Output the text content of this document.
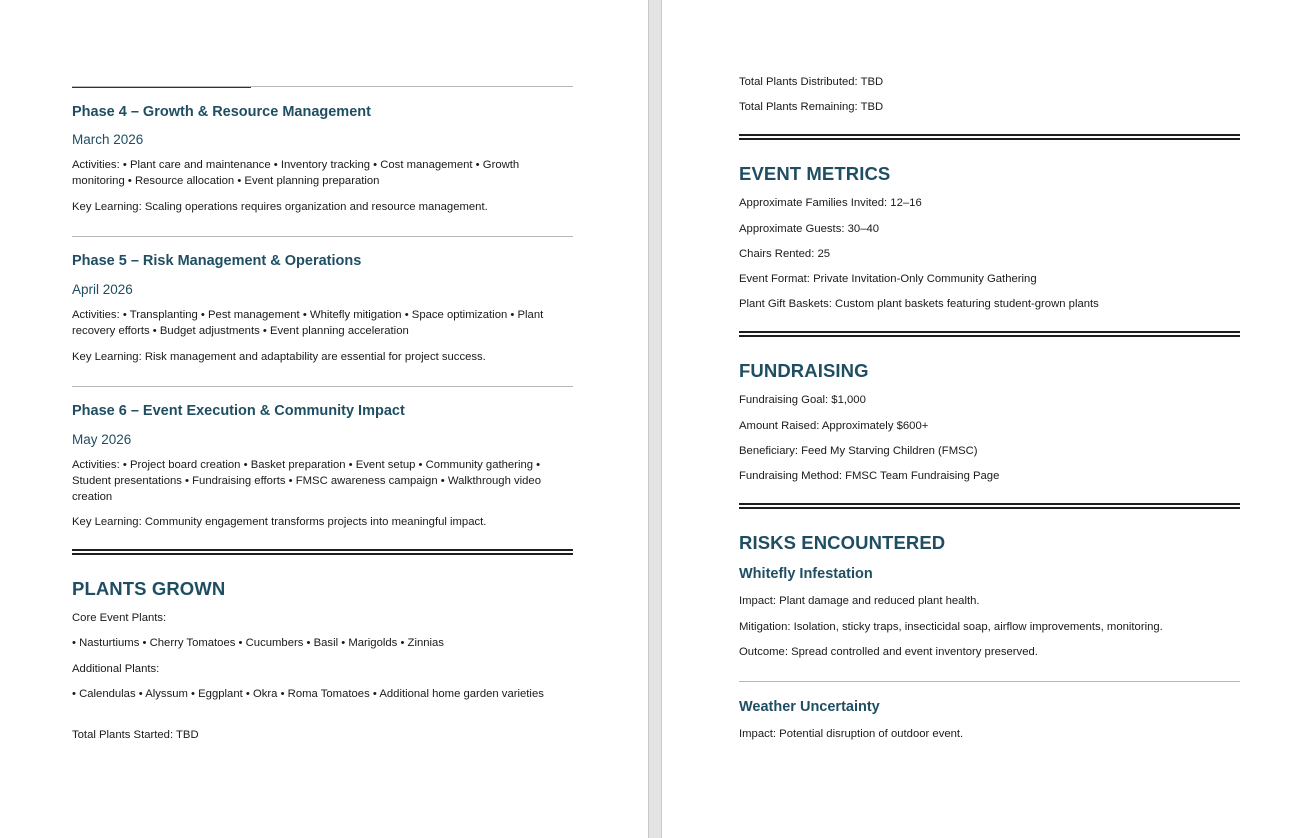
Phase 4 – Growth & Resource Management

March 2026

Activities: • Plant care and maintenance • Inventory tracking • Cost management • Growth monitoring • Resource allocation • Event planning preparation

Key Learning: Scaling operations requires organization and resource management.

Phase 5 – Risk Management & Operations

April 2026

Activities: • Transplanting • Pest management • Whitefly mitigation • Space optimization • Plant recovery efforts • Budget adjustments • Event planning acceleration

Key Learning: Risk management and adaptability are essential for project success.

Phase 6 – Event Execution & Community Impact

May 2026

Activities: • Project board creation • Basket preparation • Event setup • Community gathering • Student presentations • Fundraising efforts • FMSC awareness campaign • Walkthrough video creation

Key Learning: Community engagement transforms projects into meaningful impact.

PLANTS GROWN

Core Event Plants:

• Nasturtiums • Cherry Tomatoes • Cucumbers • Basil • Marigolds • Zinnias

Additional Plants:

• Calendulas • Alyssum • Eggplant • Okra • Roma Tomatoes • Additional home garden varieties

Total Plants Started: TBD

Total Plants Distributed: TBD

Total Plants Remaining: TBD

EVENT METRICS

Approximate Families Invited: 12–16

Approximate Guests: 30–40

Chairs Rented: 25

Event Format: Private Invitation-Only Community Gathering

Plant Gift Baskets: Custom plant baskets featuring student-grown plants

FUNDRAISING

Fundraising Goal: $1,000

Amount Raised: Approximately $600+

Beneficiary: Feed My Starving Children (FMSC)

Fundraising Method: FMSC Team Fundraising Page

RISKS ENCOUNTERED
Whitefly Infestation

Impact: Plant damage and reduced plant health.

Mitigation: Isolation, sticky traps, insecticidal soap, airflow improvements, monitoring.

Outcome: Spread controlled and event inventory preserved.

Weather Uncertainty

Impact: Potential disruption of outdoor event.
